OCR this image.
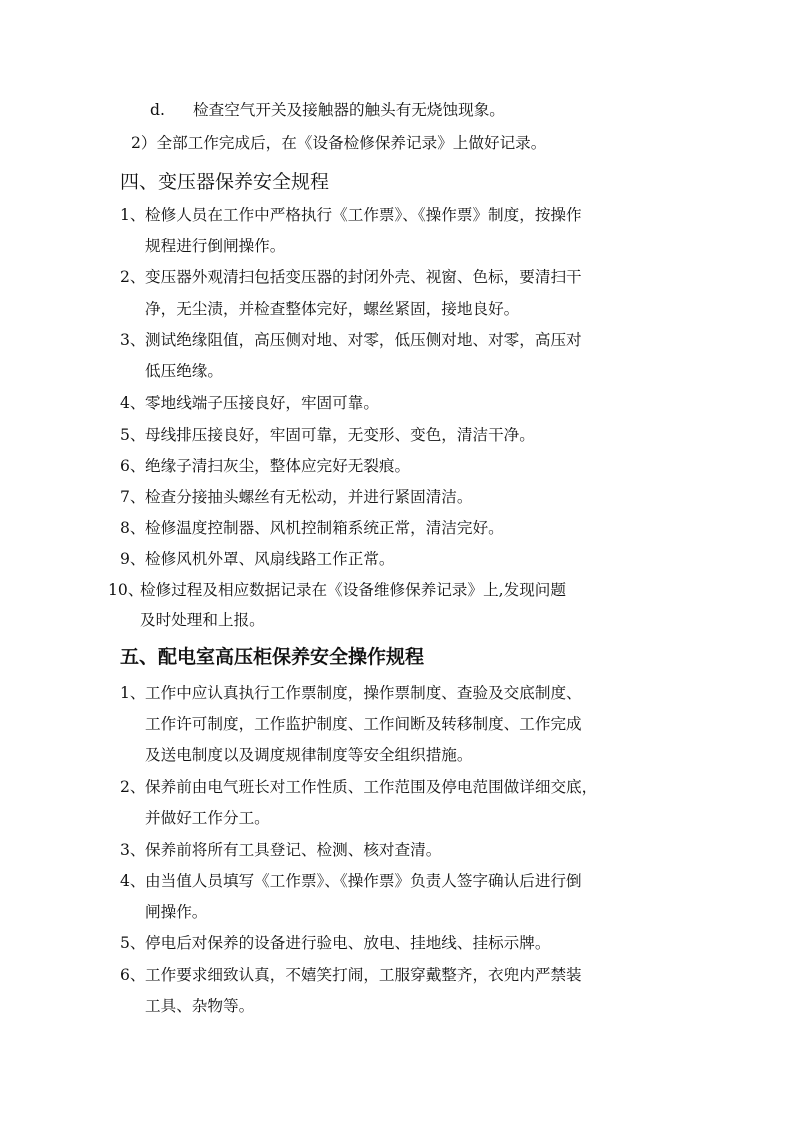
d. 检查空气开关及接触器的触头有无烧蚀现象。
2）全部工作完成后，在《设备检修保养记录》上做好记录。
四、变压器保养安全规程
五、配电室高压柜保养安全操作规程
1、 检修人员在工作中严格执行《工作票》、《操作票》制度，按操作
规程进行倒闸操作。
2、 变压器外观清扫包括变压器的封闭外壳、视窗、色标，要清扫干
净，无尘渍，并检查整体完好，螺丝紧固，接地良好。
3、 测试绝缘阻值，高压侧对地、对零，低压侧对地、对零，高压对
低压绝缘。
4、 零地线端子压接良好，牢固可靠。
5、 母线排压接良好，牢固可靠，无变形、变色，清洁干净。
6、 绝缘子清扫灰尘，整体应完好无裂痕。
7、 检查分接抽头螺丝有无松动，并进行紧固清洁。
8、 检修温度控制器、风机控制箱系统正常，清洁完好。
9、 检修风机外罩、风扇线路工作正常。
10、
检修过程及相应数据记录在《设备维修保养记录》上,发现问题
及时处理和上报。
1、 工作中应认真执行工作票制度，操作票制度、查验及交底制度、
工作许可制度，工作监护制度、工作间断及转移制度、工作完成
及送电制度以及调度规律制度等安全组织措施。
2、 保养前由电气班长对工作性质、工作范围及停电范围做详细交底，
并做好工作分工。
3、 保养前将所有工具登记、检测、核对查清。
4、 由当值人员填写《工作票》、《操作票》负责人签字确认后进行倒
闸操作。
5、 停电后对保养的设备进行验电、放电、挂地线、挂标示牌。
6、 工作要求细致认真，不嬉笑打闹，工服穿戴整齐，衣兜内严禁装
工具、杂物等。
